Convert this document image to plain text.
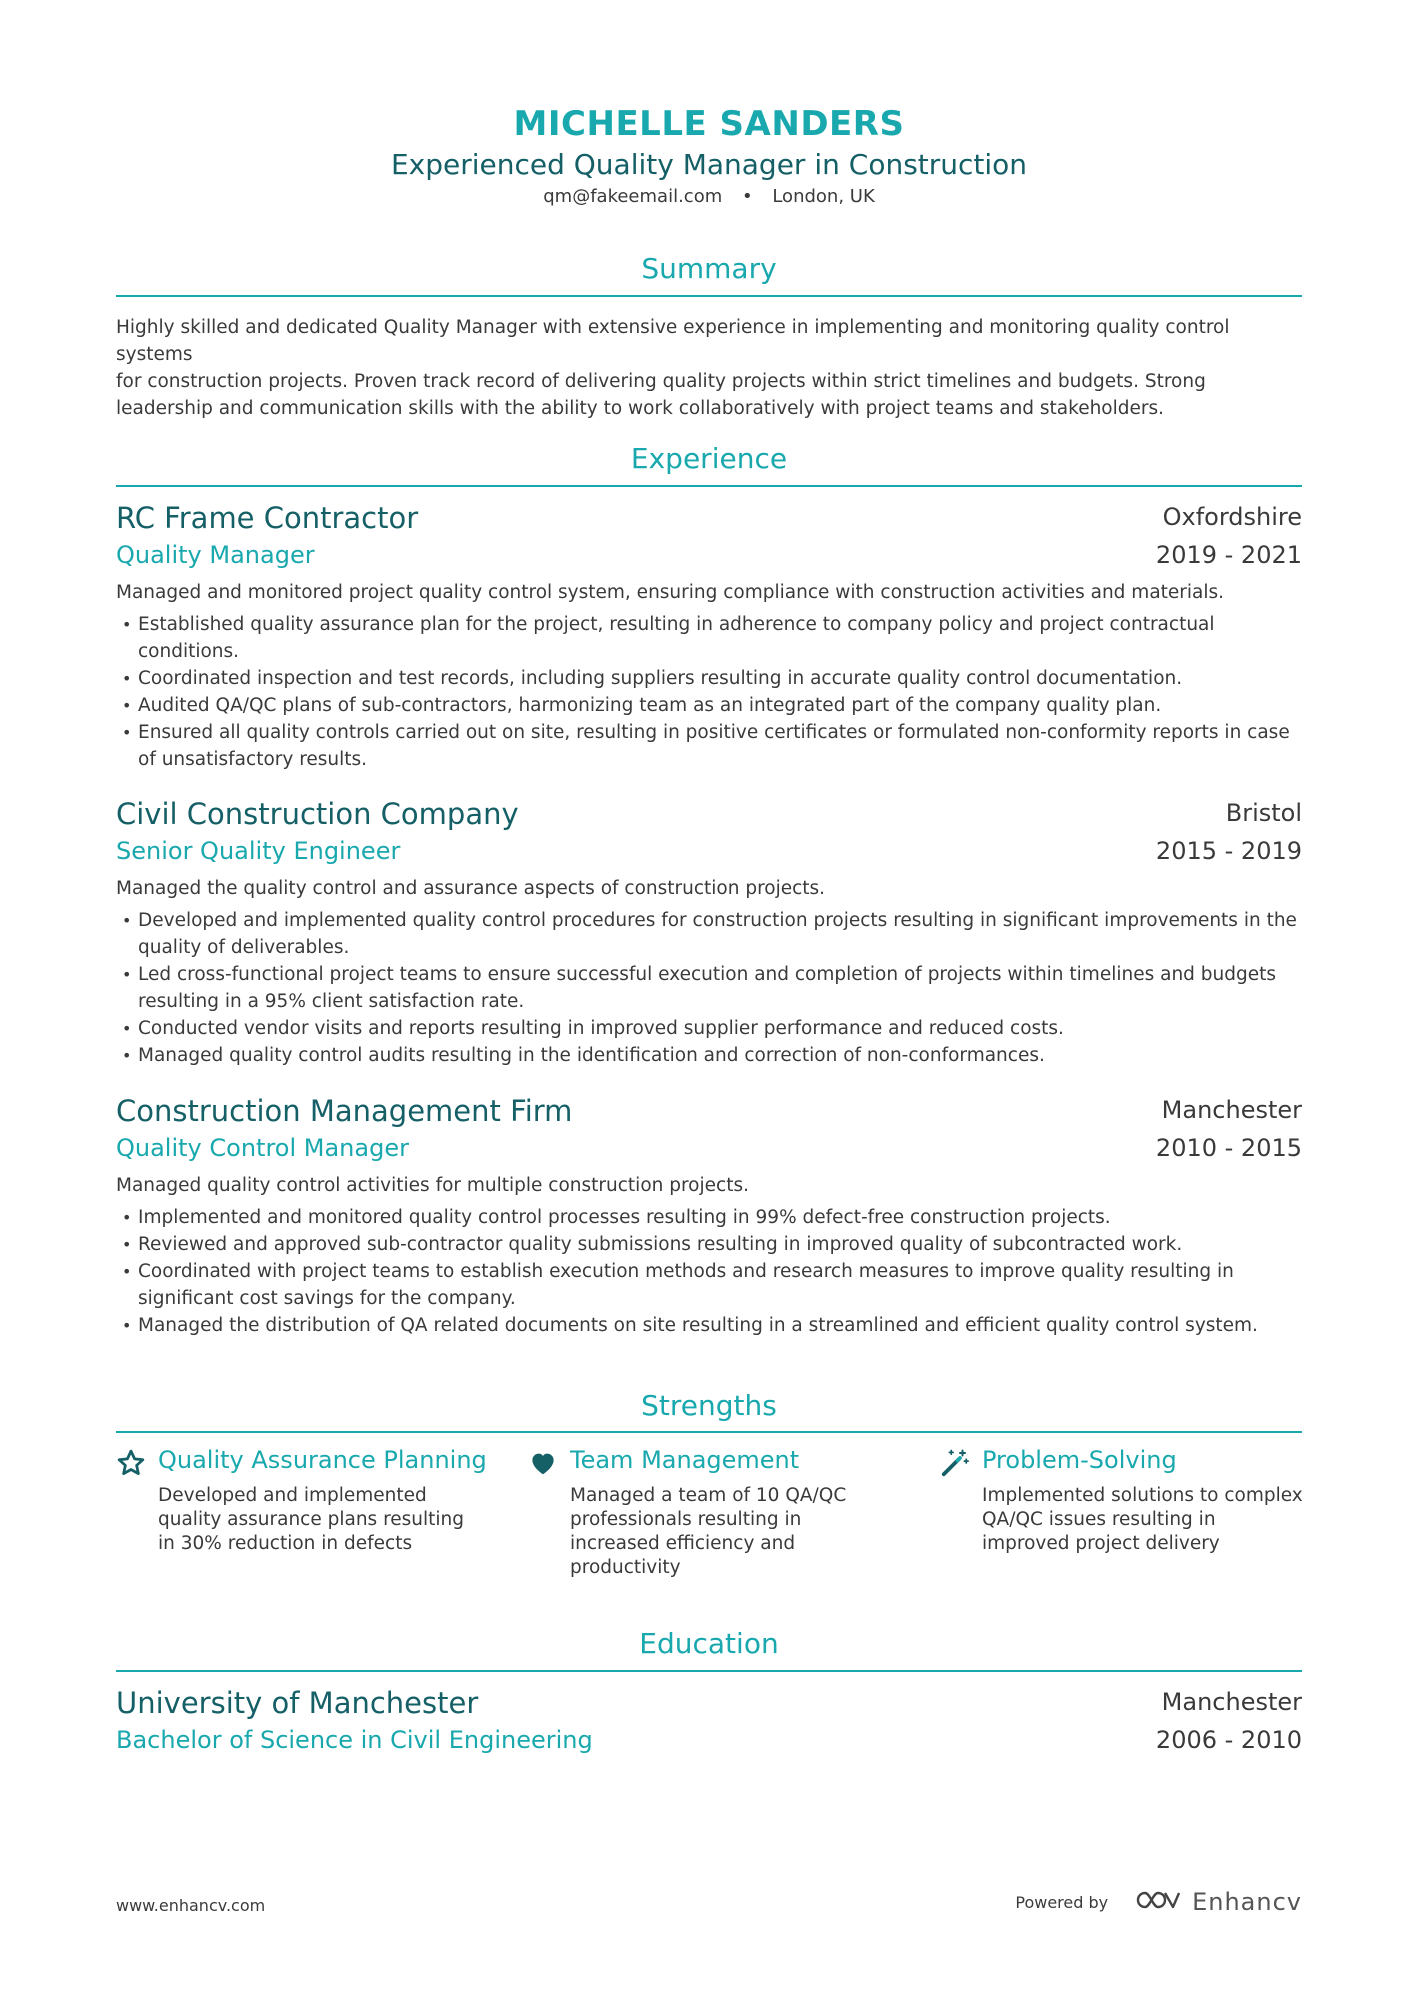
MICHELLE SANDERS
Experienced Quality Manager in Construction
qm@fakeemail.com • London, UK
Summary
Highly skilled and dedicated Quality Manager with extensive experience in implementing and monitoring quality control systems
for construction projects. Proven track record of delivering quality projects within strict timelines and budgets. Strong
leadership and communication skills with the ability to work collaboratively with project teams and stakeholders.
Experience
RC Frame Contractor	Oxfordshire
Quality Manager	2019 - 2021
Managed and monitored project quality control system, ensuring compliance with construction activities and materials.
• Established quality assurance plan for the project, resulting in adherence to company policy and project contractual
conditions.
• Coordinated inspection and test records, including suppliers resulting in accurate quality control documentation.
• Audited QA/QC plans of sub-contractors, harmonizing team as an integrated part of the company quality plan.
• Ensured all quality controls carried out on site, resulting in positive certificates or formulated non-conformity reports in case
of unsatisfactory results.
Civil Construction Company	Bristol
Senior Quality Engineer	2015 - 2019
Managed the quality control and assurance aspects of construction projects.
• Developed and implemented quality control procedures for construction projects resulting in significant improvements in the
quality of deliverables.
• Led cross-functional project teams to ensure successful execution and completion of projects within timelines and budgets
resulting in a 95% client satisfaction rate.
• Conducted vendor visits and reports resulting in improved supplier performance and reduced costs.
• Managed quality control audits resulting in the identification and correction of non-conformances.
Construction Management Firm	Manchester
Quality Control Manager	2010 - 2015
Managed quality control activities for multiple construction projects.
• Implemented and monitored quality control processes resulting in 99% defect-free construction projects.
• Reviewed and approved sub-contractor quality submissions resulting in improved quality of subcontracted work.
• Coordinated with project teams to establish execution methods and research measures to improve quality resulting in
significant cost savings for the company.
• Managed the distribution of QA related documents on site resulting in a streamlined and efficient quality control system.
Strengths
Quality Assurance Planning
Developed and implemented
quality assurance plans resulting
in 30% reduction in defects
Team Management
Managed a team of 10 QA/QC
professionals resulting in
increased efficiency and
productivity
Problem-Solving
Implemented solutions to complex
QA/QC issues resulting in
improved project delivery
Education
University of Manchester	Manchester
Bachelor of Science in Civil Engineering	2006 - 2010
www.enhancv.com	Powered by	Enhancv
